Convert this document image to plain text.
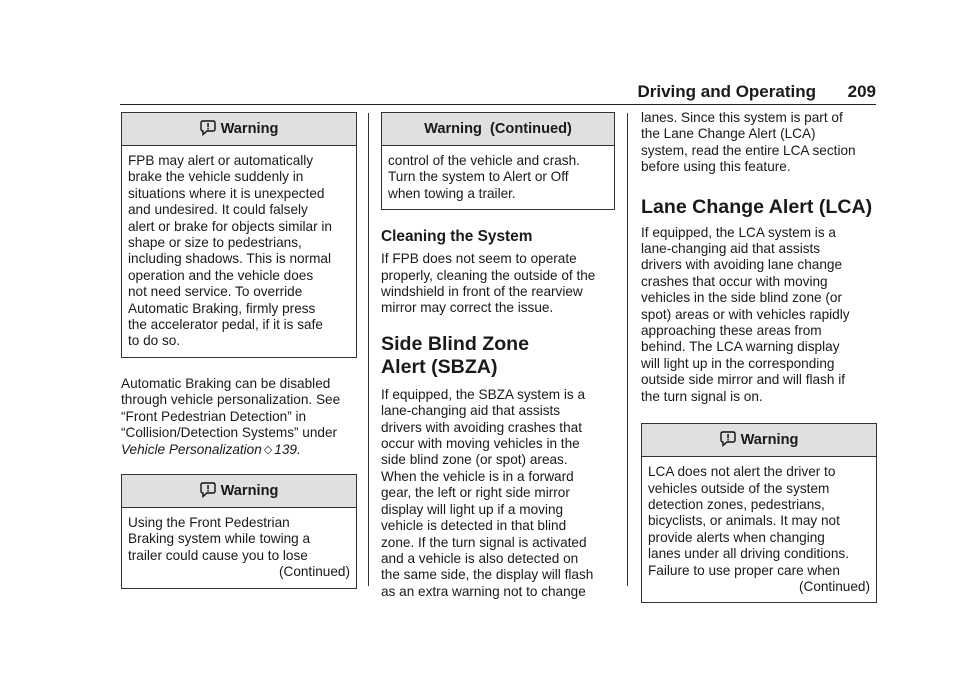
Driving and Operating 209
Warning
FPB may alert or automatically
brake the vehicle suddenly in
situations where it is unexpected
and undesired. It could falsely
alert or brake for objects similar in
shape or size to pedestrians,
including shadows. This is normal
operation and the vehicle does
not need service. To override
Automatic Braking, firmly press
the accelerator pedal, if it is safe
to do so.

Automatic Braking can be disabled
through vehicle personalization. See
“Front Pedestrian Detection” in
“Collision/Detection Systems” under
Vehicle Personalization ◇ 139.

Warning
Using the Front Pedestrian
Braking system while towing a
trailer could cause you to lose
(Continued)
Warning  (Continued)
control of the vehicle and crash.
Turn the system to Alert or Off
when towing a trailer.
Cleaning the System

If FPB does not seem to operate
properly, cleaning the outside of the
windshield in front of the rearview
mirror may correct the issue.

Side Blind Zone
Alert (SBZA)

If equipped, the SBZA system is a
lane-changing aid that assists
drivers with avoiding crashes that
occur with moving vehicles in the
side blind zone (or spot) areas.
When the vehicle is in a forward
gear, the left or right side mirror
display will light up if a moving
vehicle is detected in that blind
zone. If the turn signal is activated
and a vehicle is also detected on
the same side, the display will flash
as an extra warning not to change

lanes. Since this system is part of
the Lane Change Alert (LCA)
system, read the entire LCA section
before using this feature.

Lane Change Alert (LCA)

If equipped, the LCA system is a
lane-changing aid that assists
drivers with avoiding lane change
crashes that occur with moving
vehicles in the side blind zone (or
spot) areas or with vehicles rapidly
approaching these areas from
behind. The LCA warning display
will light up in the corresponding
outside side mirror and will flash if
the turn signal is on.

Warning
LCA does not alert the driver to
vehicles outside of the system
detection zones, pedestrians,
bicyclists, or animals. It may not
provide alerts when changing
lanes under all driving conditions.
Failure to use proper care when
(Continued)
